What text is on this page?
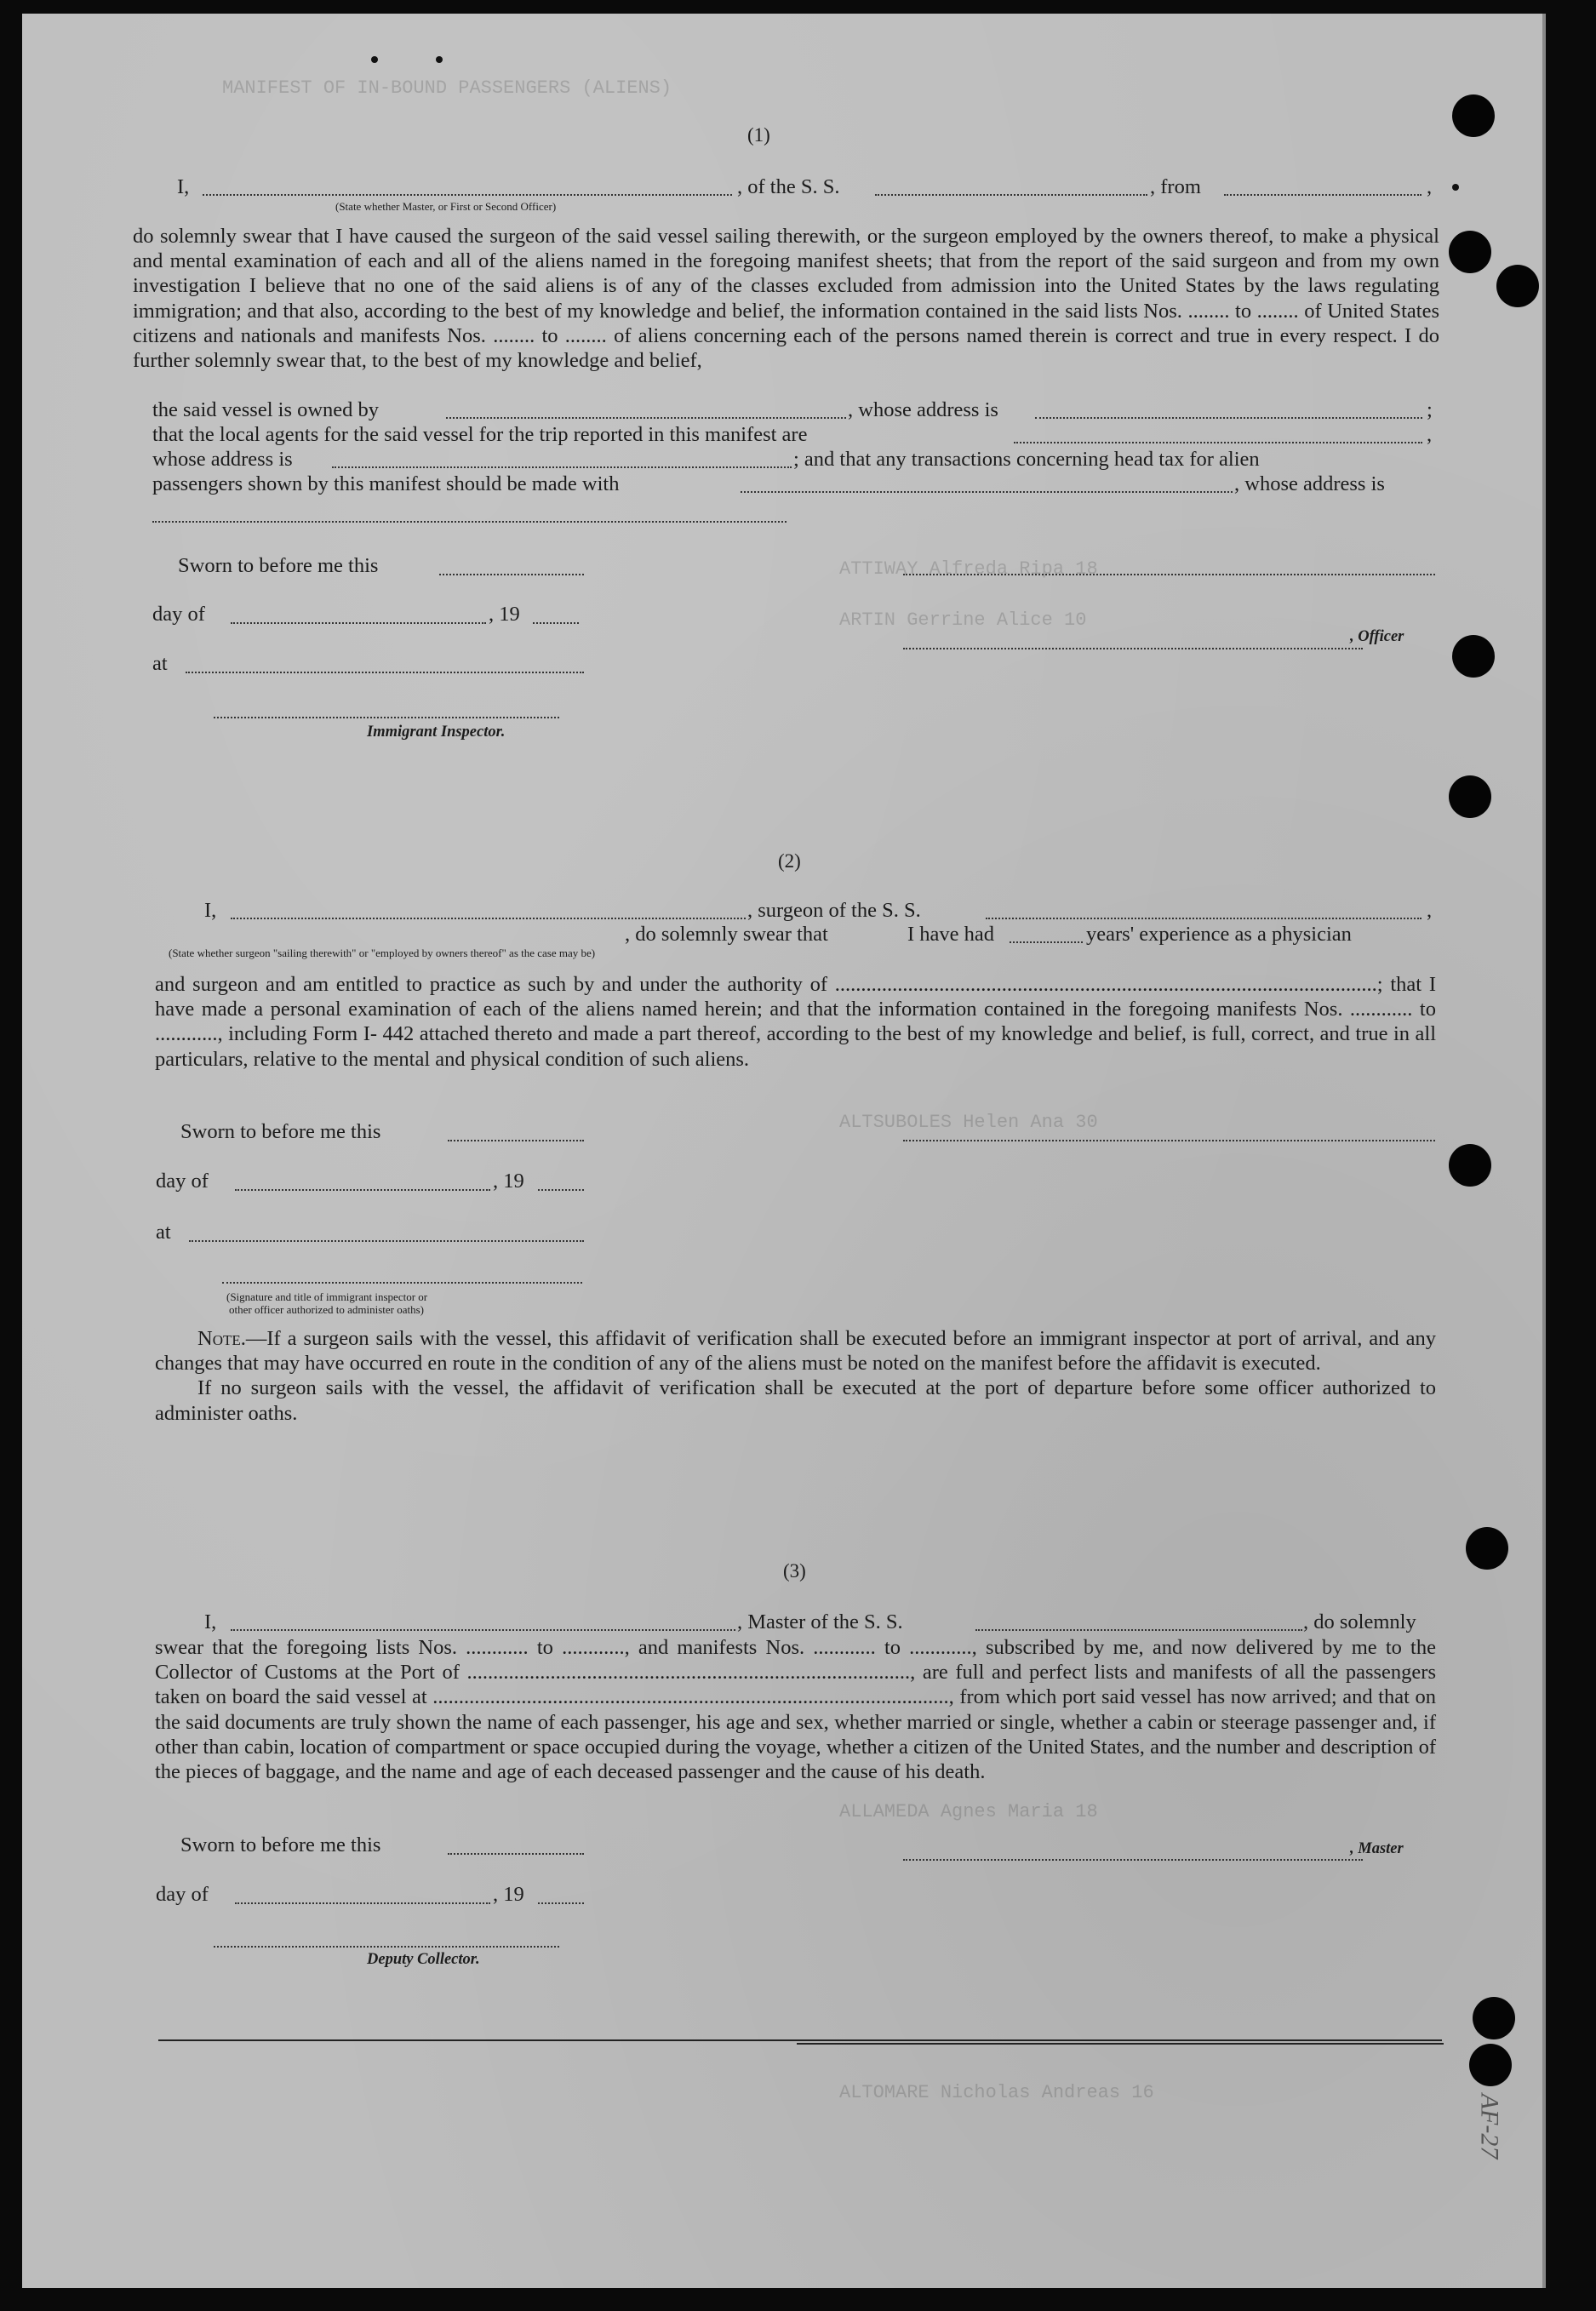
MANIFEST OF IN-BOUND PASSENGERS (ALIENS)
ATTIWAY Alfreda Ripa 18
ARTIN Gerrine Alice 10
ALTSUBOLES Helen Ana 30
ALLAMEDA Agnes Maria 18
ALTOMARE Nicholas Andreas 16
(1)
I,	, of the S. S.	, from	,
(State whether Master, or First or Second Officer)

do solemnly swear that I have caused the surgeon of the said vessel sailing therewith, or the surgeon employed by the owners thereof, to make a physical and mental examination of each and all of the aliens named in the foregoing manifest sheets; that from the report of the said surgeon and from my own investigation I believe that no one of the said aliens is of any of the classes excluded from admission into the United States by the laws regulating immigration; and that also, according to the best of my knowledge and belief, the information contained in the said lists Nos. ........ to ........ of United States citizens and nationals and manifests Nos. ........ to ........ of aliens concerning each of the persons named therein is correct and true in every respect. I do further solemnly swear that, to the best of my knowledge and belief,

the said vessel is owned by	, whose address is	;
that the local agents for the said vessel for the trip reported in this manifest are	,
whose address is	; and that any transactions concerning head tax for alien
passengers shown by this manifest should be made with	, whose address is
Sworn to before me this
day of	, 19
, Officer
at
Immigrant Inspector.
(2)
I,	, surgeon of the S. S.	,
, do solemnly swear that	I have had	years' experience as a physician
(State whether surgeon "sailing therewith" or "employed by owners thereof" as the case may be)

and surgeon and am entitled to practice as such by and under the authority of ........................................................................................................; that I have made a personal examination of each of the aliens named herein; and that the information contained in the foregoing manifests Nos. ............ to ............, including Form I- 442 attached thereto and made a part thereof, according to the best of my knowledge and belief, is full, correct, and true in all particulars, relative to the mental and physical condition of such aliens.

Sworn to before me this
day of	, 19
at
(Signature and title of immigrant inspector or
other officer authorized to administer oaths)

Note.—If a surgeon sails with the vessel, this affidavit of verification shall be executed before an immigrant inspector at port of arrival, and any changes that may have occurred en route in the condition of any of the aliens must be noted on the manifest before the affidavit is executed.

If no surgeon sails with the vessel, the affidavit of verification shall be executed at the port of departure before some officer authorized to administer oaths.

(3)
I,	, Master of the S. S.	, do solemnly

swear that the foregoing lists Nos. ............ to ............, and manifests Nos. ............ to ............, subscribed by me, and now delivered by me to the Collector of Customs at the Port of ....................................................................................., are full and perfect lists and manifests of all the passengers taken on board the said vessel at ..................................................................................................., from which port said vessel has now arrived; and that on the said documents are truly shown the name of each passenger, his age and sex, whether married or single, whether a cabin or steerage passenger and, if other than cabin, location of compartment or space occupied during the voyage, whether a citizen of the United States, and the number and description of the pieces of baggage, and the name and age of each deceased passenger and the cause of his death.

Sworn to before me this	, Master
day of	, 19
Deputy Collector.
AF-27
